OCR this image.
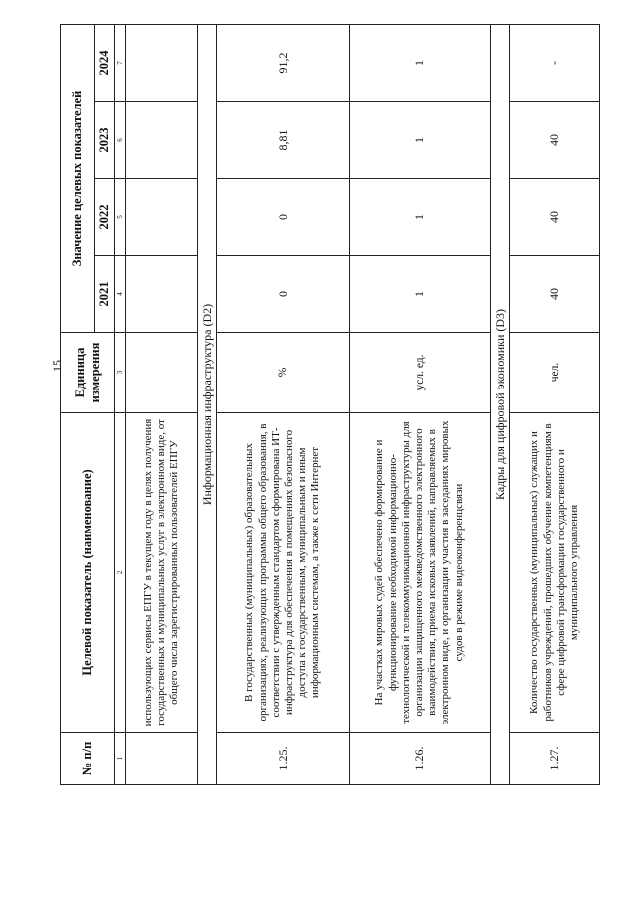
15
№ п/п	Целевой показатель (наименование)	Единица измерения	Значение целевых показателей			
			2021	2022	2023	2024
1	2	3	4	5	6	7
	использующих сервисы ЕПГУ в текущем году в целях получения государственных и муниципальных услуг в электронном виде, от общего числа зарегистрированных пользователей ЕПГУ					
Информационная инфраструктура (D2)						
1.25.	В государственных (муниципальных) образовательных организациях, реализующих программы общего образования, в соответствии с утвержденным стандартом сформирована ИТ-инфраструктура для обеспечения в помещениях безопасного доступа к государственным, муниципальным и иным информационным системам, а также к сети Интернет	%	0	0	8,81	91,2
1.26.	На участках мировых судей обеспечено формирование и функционирование необходимой информационно-технологической и телекоммуникационной инфраструктуры для организации защищенного межведомственного электронного взаимодействия, приема исковых заявлений, направляемых в электронном виде, и организации участия в заседаниях мировых судов в режиме видеоконференцсвязи	усл. ед.	1	1	1	1
Кадры для цифровой экономики (D3)						
1.27.	Количество государственных (муниципальных) служащих и работников учреждений, прошедших обучение компетенциям в сфере цифровой трансформации государственного и муниципального управления	чел.	40	40	40	-
